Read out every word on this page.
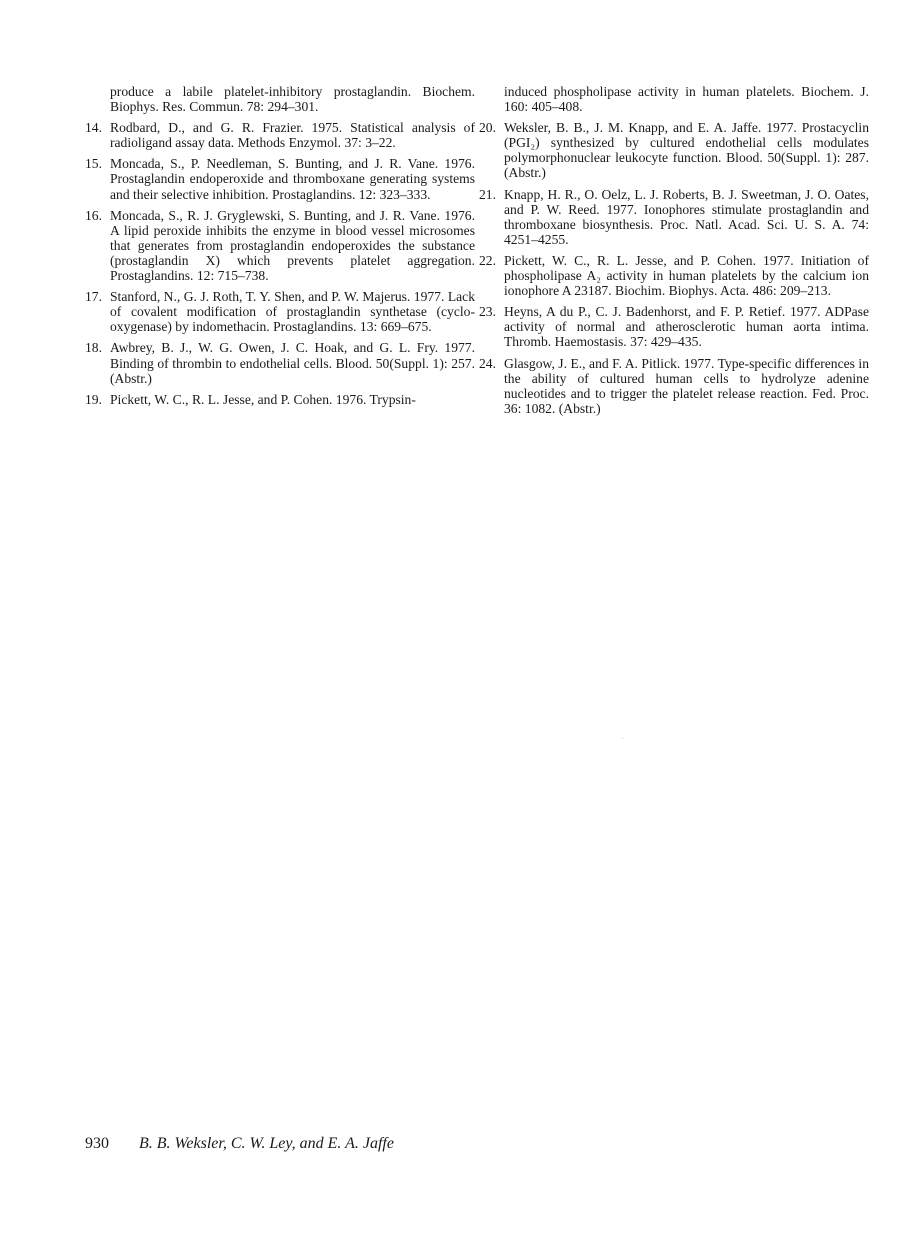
produce a labile platelet-inhibitory prostaglandin. Biochem. Biophys. Res. Commun. 78: 294–301.
14. Rodbard, D., and G. R. Frazier. 1975. Statistical analysis of radioligand assay data. Methods Enzymol. 37: 3–22.
15. Moncada, S., P. Needleman, S. Bunting, and J. R. Vane. 1976. Prostaglandin endoperoxide and thromboxane generating systems and their selective inhibition. Prostaglandins. 12: 323–333.
16. Moncada, S., R. J. Gryglewski, S. Bunting, and J. R. Vane. 1976. A lipid peroxide inhibits the enzyme in blood vessel microsomes that generates from prostaglandin endoperoxides the substance (prostaglandin X) which prevents platelet aggregation. Prostaglandins. 12: 715–738.
17. Stanford, N., G. J. Roth, T. Y. Shen, and P. W. Majerus. 1977. Lack of covalent modification of prostaglandin synthetase (cyclo-oxygenase) by indomethacin. Prostaglandins. 13: 669–675.
18. Awbrey, B. J., W. G. Owen, J. C. Hoak, and G. L. Fry. 1977. Binding of thrombin to endothelial cells. Blood. 50(Suppl. 1): 257. (Abstr.)
19. Pickett, W. C., R. L. Jesse, and P. Cohen. 1976. Trypsin-
induced phospholipase activity in human platelets. Biochem. J. 160: 405–408.
20. Weksler, B. B., J. M. Knapp, and E. A. Jaffe. 1977. Prostacyclin (PGI₂) synthesized by cultured endothelial cells modulates polymorphonuclear leukocyte function. Blood. 50(Suppl. 1): 287. (Abstr.)
21. Knapp, H. R., O. Oelz, L. J. Roberts, B. J. Sweetman, J. O. Oates, and P. W. Reed. 1977. Ionophores stimulate prostaglandin and thromboxane biosynthesis. Proc. Natl. Acad. Sci. U. S. A. 74: 4251–4255.
22. Pickett, W. C., R. L. Jesse, and P. Cohen. 1977. Initiation of phospholipase A₂ activity in human platelets by the calcium ion ionophore A 23187. Biochim. Biophys. Acta. 486: 209–213.
23. Heyns, A du P., C. J. Badenhorst, and F. P. Retief. 1977. ADPase activity of normal and atherosclerotic human aorta intima. Thromb. Haemostasis. 37: 429–435.
24. Glasgow, J. E., and F. A. Pitlick. 1977. Type-specific differences in the ability of cultured human cells to hydrolyze adenine nucleotides and to trigger the platelet release reaction. Fed. Proc. 36: 1082. (Abstr.)
930 B. B. Weksler, C. W. Ley, and E. A. Jaffe
